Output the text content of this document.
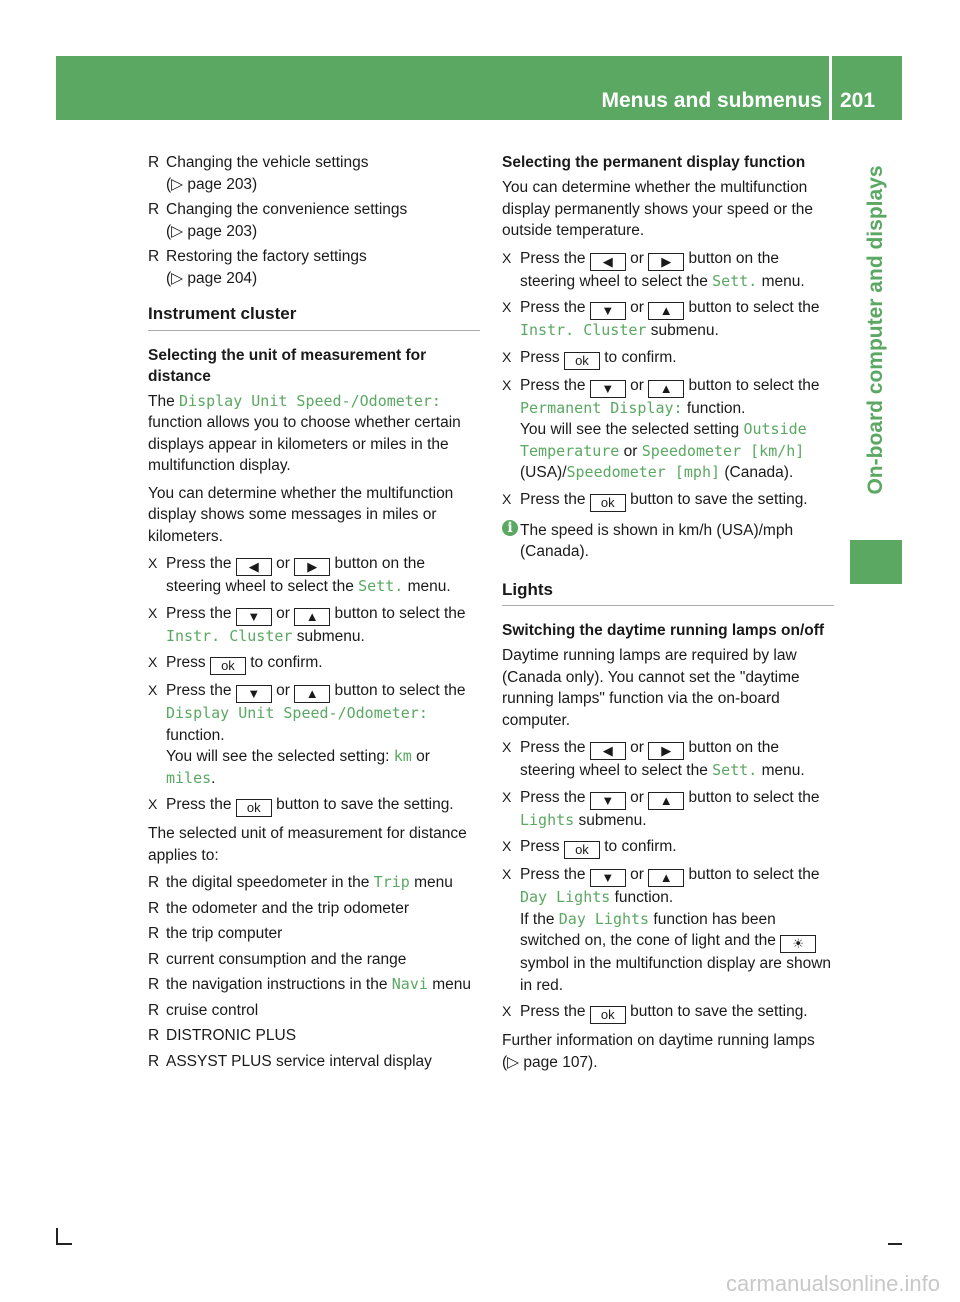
Menus and submenus 201
On-board computer and displays
R Changing the vehicle settings
(▷ page 203)
R Changing the convenience settings
(▷ page 203)
R Restoring the factory settings
(▷ page 204)
Instrument cluster
Selecting the unit of measurement for distance

The Display Unit Speed-/Odometer: function allows you to choose whether certain displays appear in kilometers or miles in the multifunction display.

You can determine whether the multifunction display shows some messages in miles or kilometers.

X Press the ◀ or ▶ button on the steering wheel to select the Sett. menu.
X Press the ▼ or ▲ button to select the Instr. Cluster submenu.
X Press ok to confirm.
X Press the ▼ or ▲ button to select the Display Unit Speed-/Odometer: function.
You will see the selected setting: km or miles.
X Press the ok button to save the setting.

The selected unit of measurement for distance applies to:

R the digital speedometer in the Trip menu
R the odometer and the trip odometer
R the trip computer
R current consumption and the range
R the navigation instructions in the Navi menu
R cruise control
R DISTRONIC PLUS
R ASSYST PLUS service interval display
Selecting the permanent display function

You can determine whether the multifunction display permanently shows your speed or the outside temperature.

X Press the ◀ or ▶ button on the steering wheel to select the Sett. menu.
X Press the ▼ or ▲ button to select the Instr. Cluster submenu.
X Press ok to confirm.
X Press the ▼ or ▲ button to select the Permanent Display: function.
You will see the selected setting Outside Temperature or Speedometer [km/h] (USA)/Speedometer [mph] (Canada).
X Press the ok button to save the setting.
i The speed is shown in km/h (USA)/mph (Canada).
Lights
Switching the daytime running lamps on/off

Daytime running lamps are required by law (Canada only). You cannot set the "daytime running lamps" function via the on-board computer.

X Press the ◀ or ▶ button on the steering wheel to select the Sett. menu.
X Press the ▼ or ▲ button to select the Lights submenu.
X Press ok to confirm.
X Press the ▼ or ▲ button to select the Day Lights function.
If the Day Lights function has been switched on, the cone of light and the ☀ symbol in the multifunction display are shown in red.
X Press the ok button to save the setting.

Further information on daytime running lamps (▷ page 107).

carmanualsonline.info
